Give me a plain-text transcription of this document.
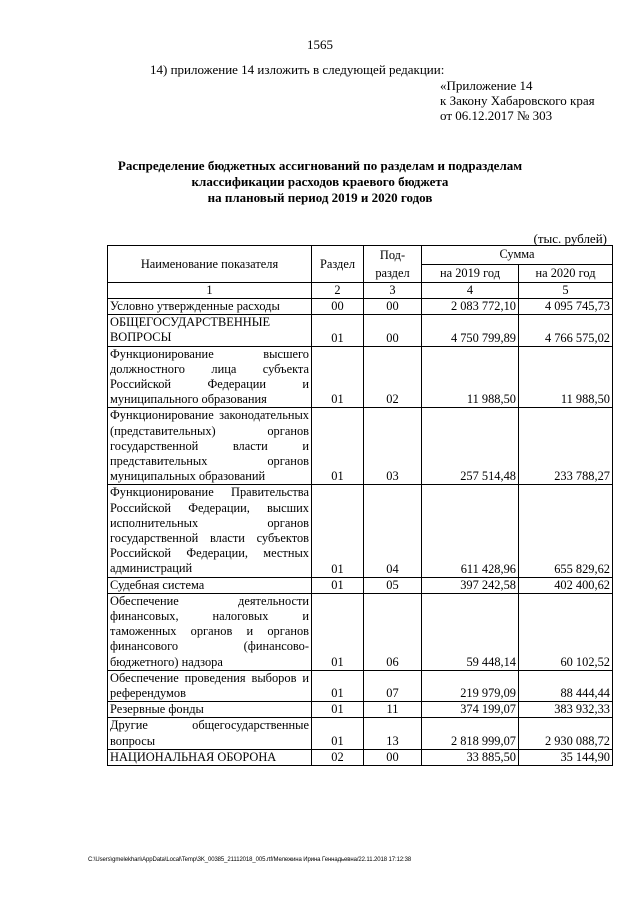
1565
14) приложение 14 изложить в следующей редакции:
«Приложение 14
к Закону Хабаровского края
от 06.12.2017 № 303
Распределение бюджетных ассигнований по разделам и подразделам
классификации расходов краевого бюджета
на плановый период 2019 и 2020 годов
(тыс. рублей)
Наименование показателя	Раздел	Под-раздел	Сумма	
			на 2019 год	на 2020 год
1	2	3	4	5
Условно утвержденные расходы	00	00	2 083 772,10	4 095 745,73
ОБЩЕГОСУДАРСТВЕННЫЕ ВОПРОСЫ	01	00	4 750 799,89	4 766 575,02
Функционирование высшего должностного лица субъекта Российской Федерации и муниципального образования	01	02	11 988,50	11 988,50
Функционирование законодательных (представительных) органов государственной власти и представительных органов муниципальных образований	01	03	257 514,48	233 788,27
Функционирование Правительства Российской Федерации, высших исполнительных органов государственной власти субъектов Российской Федерации, местных администраций	01	04	611 428,96	655 829,62
Судебная система	01	05	397 242,58	402 400,62
Обеспечение деятельности финансовых, налоговых и таможенных органов и органов финансового (финансово-бюджетного) надзора	01	06	59 448,14	60 102,52
Обеспечение проведения выборов и референдумов	01	07	219 979,09	88 444,44
Резервные фонды	01	11	374 199,07	383 932,33
Другие общегосударственные вопросы	01	13	2 818 999,07	2 930 088,72
НАЦИОНАЛЬНАЯ ОБОРОНА	02	00	33 885,50	35 144,90
C:\Users\gmelekhan\AppData\Local\Temp\3K_00385_21112018_005.rtf/Мележина Ирина Геннадьевна/22.11.2018 17:12:38
